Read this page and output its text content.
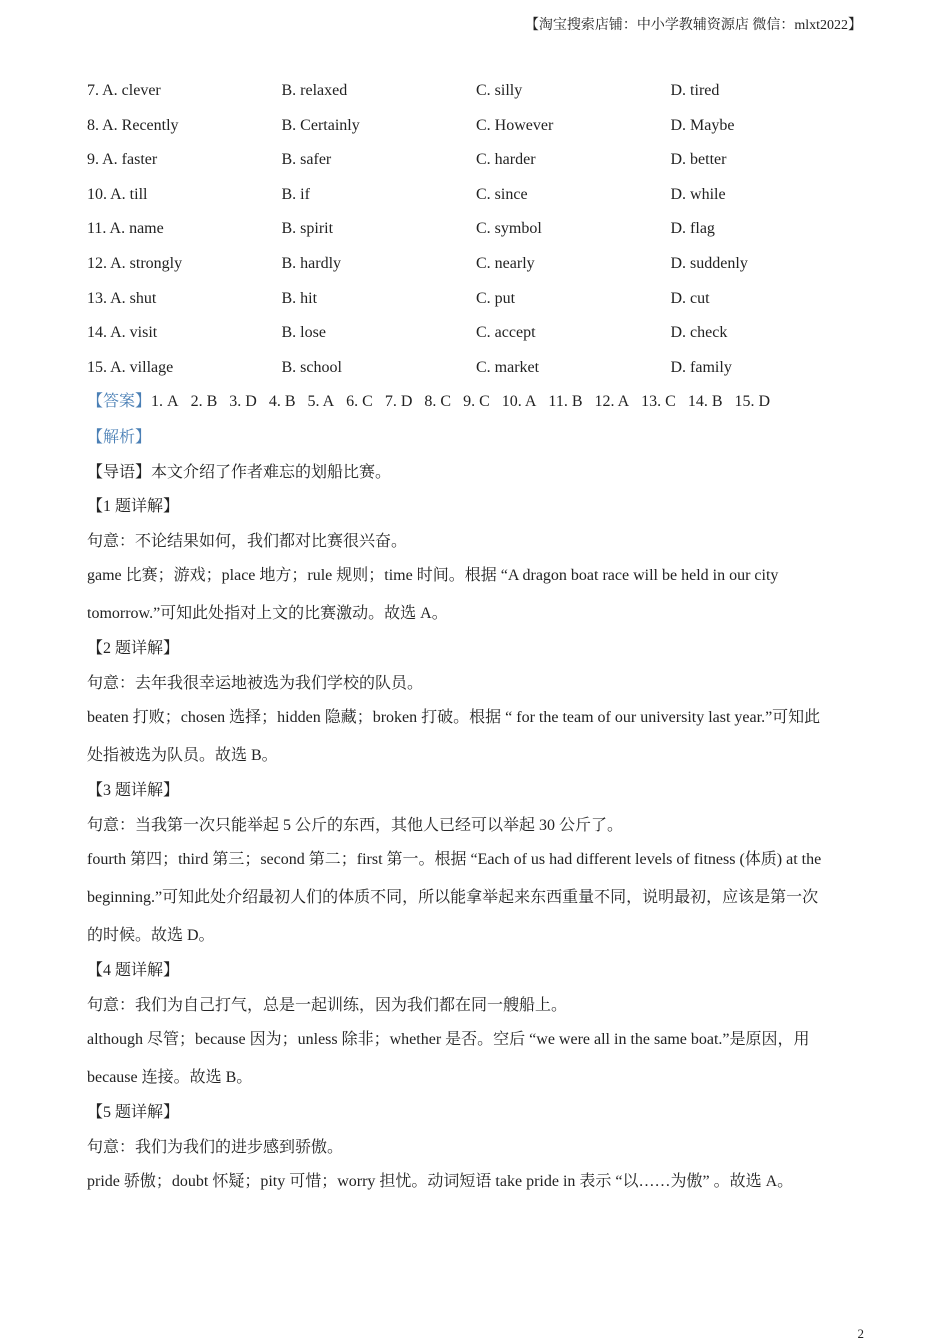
【淘宝搜索店铺：中小学教辅资源店 微信：mlxt2022】
7. A. clever	B. relaxed	C. silly	D. tired
8. A. Recently	B. Certainly	C. However	D. Maybe
9. A. faster	B. safer	C. harder	D. better
10. A. till	B. if	C. since	D. while
11. A. name	B. spirit	C. symbol	D. flag
12. A. strongly	B. hardly	C. nearly	D. suddenly
13. A. shut	B. hit	C. put	D. cut
14. A. visit	B. lose	C. accept	D. check
15. A. village	B. school	C. market	D. family
【答案】1. A 2. B 3. D 4. B 5. A 6. C 7. D 8. C 9. C 10. A 11. B 12. A 13. C 14. B 15. D
【解析】
【导语】本文介绍了作者难忘的划船比赛。
【1 题详解】
句意：不论结果如何，我们都对比赛很兴奋。
game 比赛；游戏；place 地方；rule 规则；time 时间。根据 “A dragon boat race will be held in our city
tomorrow.”可知此处指对上文的比赛激动。故选 A。
【2 题详解】
句意：去年我很幸运地被选为我们学校的队员。
beaten 打败；chosen 选择；hidden 隐藏；broken 打破。根据 “ for the team of our university last year.”可知此
处指被选为队员。故选 B。
【3 题详解】
句意：当我第一次只能举起 5 公斤的东西，其他人已经可以举起 30 公斤了。
fourth 第四；third 第三；second 第二；first 第一。根据 “Each of us had different levels of fitness (体质) at the
beginning.”可知此处介绍最初人们的体质不同，所以能拿举起来东西重量不同，说明最初，应该是第一次
的时候。故选 D。
【4 题详解】
句意：我们为自己打气，总是一起训练，因为我们都在同一艘船上。
although 尽管；because 因为；unless 除非；whether 是否。空后 “we were all in the same boat.”是原因，用
because 连接。故选 B。
【5 题详解】
句意：我们为我们的进步感到骄傲。
pride 骄傲；doubt 怀疑；pity 可惜；worry 担忧。动词短语 take pride in 表示 “以……为傲” 。故选 A。
2
